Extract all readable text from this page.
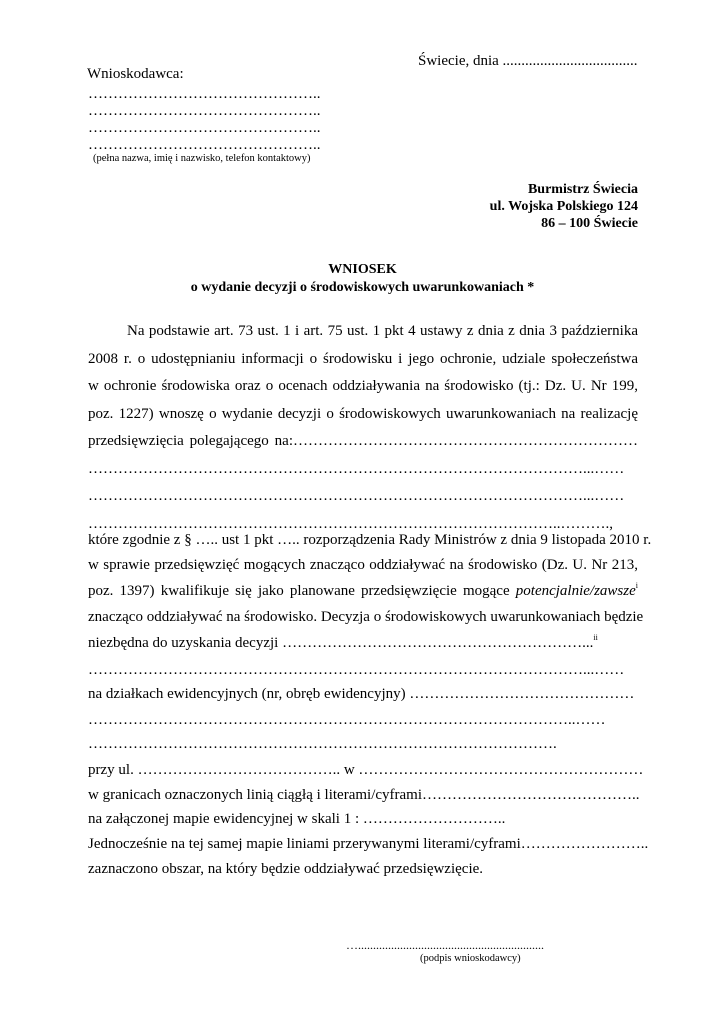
Świecie, dnia ....................................
Wnioskodawca:
………………………………………..
………………………………………..
………………………………………..
………………………………………..
(pełna nazwa, imię i nazwisko, telefon kontaktowy)
Burmistrz Świecia
ul. Wojska Polskiego 124
86 – 100 Świecie
WNIOSEK
o wydanie decyzji o środowiskowych uwarunkowaniach *
Na podstawie art. 73 ust. 1 i art. 75 ust. 1 pkt 4 ustawy z dnia z dnia 3 października
2008 r. o udostępnianiu informacji o środowisku i jego ochronie, udziale społeczeństwa
w ochronie środowiska oraz o ocenach oddziaływania na środowisko (tj.: Dz. U. Nr 199,
poz. 1227) wnoszę o wydanie decyzji o środowiskowych uwarunkowaniach na realizację
przedsięwzięcia polegającego na:……………………………………………………………
………………………………………………………………………………………...……
………………………………………………………………………………………...……
…………………………………………………………………………………..……….,
które zgodnie z § ….. ust 1 pkt ….. rozporządzenia Rady Ministrów z dnia 9 listopada 2010 r.
w sprawie przedsięwzięć mogących znacząco oddziaływać na środowisko (Dz. U. Nr 213,
poz. 1397) kwalifikuje się jako planowane przedsięwzięcie mogące potencjalnie/zawsze$^i$
znacząco oddziaływać na środowisko. Decyzja o środowiskowych uwarunkowaniach będzie
niezbędna do uzyskania decyzji ……………………………………………………...$^{ii}$
………………………………………………………………………………………...……
na działkach ewidencyjnych (nr, obręb ewidencyjny) ………………………………………
……………………………………………………………………………………..……
………………………………………………………………………………….
przy ul. ………………………………….. w …………………………………………………
w granicach oznaczonych linią ciągłą i literami/cyframi……………………………………..
na załączonej mapie ewidencyjnej w skali 1 : ………………………..
Jednocześnie na tej samej mapie liniami przerywanymi literami/cyframi……………………..
zaznaczono obszar, na który będzie oddziaływać przedsięwzięcie.
…..............................................................
(podpis wnioskodawcy)
